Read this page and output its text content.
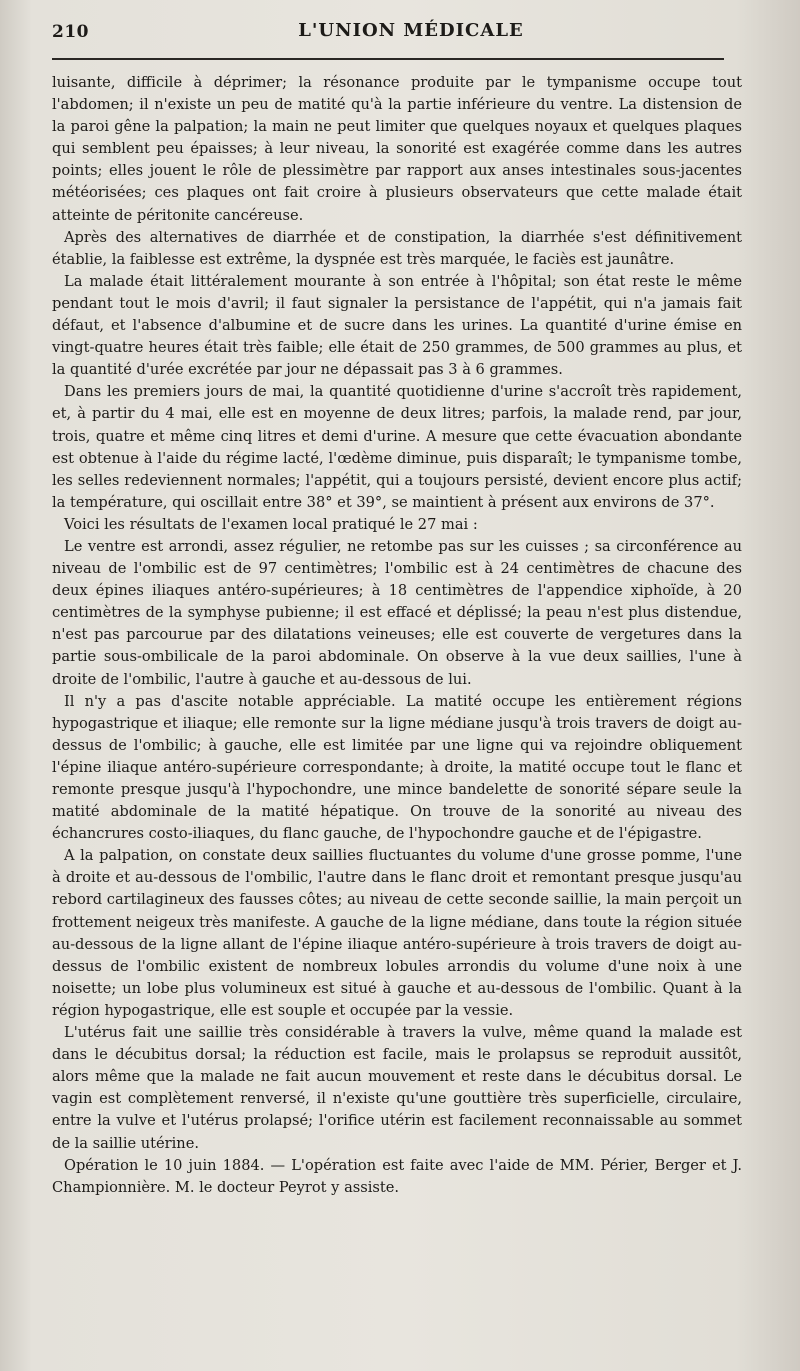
210	L'UNION MÉDICALE

luisante, difficile à déprimer; la résonance produite par le tympanisme occupe tout l'abdomen; il n'existe un peu de matité qu'à la partie inférieure du ventre. La distension de la paroi gêne la palpation; la main ne peut limiter que quelques noyaux et quelques plaques qui semblent peu épaisses; à leur niveau, la sonorité est exagérée comme dans les autres points; elles jouent le rôle de plessimètre par rapport aux anses intestinales sous-jacentes météorisées; ces plaques ont fait croire à plusieurs observateurs que cette malade était atteinte de péritonite cancéreuse.

Après des alternatives de diarrhée et de constipation, la diarrhée s'est définitivement établie, la faiblesse est extrême, la dyspnée est très marquée, le faciès est jaunâtre.

La malade était littéralement mourante à son entrée à l'hôpital; son état reste le même pendant tout le mois d'avril; il faut signaler la persistance de l'appétit, qui n'a jamais fait défaut, et l'absence d'albumine et de sucre dans les urines. La quantité d'urine émise en vingt-quatre heures était très faible; elle était de 250 grammes, de 500 grammes au plus, et la quantité d'urée excrétée par jour ne dépassait pas 3 à 6 grammes.

Dans les premiers jours de mai, la quantité quotidienne d'urine s'accroît très rapidement, et, à partir du 4 mai, elle est en moyenne de deux litres; parfois, la malade rend, par jour, trois, quatre et même cinq litres et demi d'urine. A mesure que cette évacuation abondante est obtenue à l'aide du régime lacté, l'œdème diminue, puis disparaît; le tympanisme tombe, les selles redeviennent normales; l'appétit, qui a toujours persisté, devient encore plus actif; la température, qui oscillait entre 38° et 39°, se maintient à présent aux environs de 37°.

Voici les résultats de l'examen local pratiqué le 27 mai :

Le ventre est arrondi, assez régulier, ne retombe pas sur les cuisses ; sa circonférence au niveau de l'ombilic est de 97 centimètres; l'ombilic est à 24 centimètres de chacune des deux épines iliaques antéro-supérieures; à 18 centimètres de l'appendice xiphoïde, à 20 centimètres de la symphyse pubienne; il est effacé et déplissé; la peau n'est plus distendue, n'est pas parcourue par des dilatations veineuses; elle est couverte de vergetures dans la partie sous-ombilicale de la paroi abdominale. On observe à la vue deux saillies, l'une à droite de l'ombilic, l'autre à gauche et au-dessous de lui.

Il n'y a pas d'ascite notable appréciable. La matité occupe les entièrement régions hypogastrique et iliaque; elle remonte sur la ligne médiane jusqu'à trois travers de doigt au-dessus de l'ombilic; à gauche, elle est limitée par une ligne qui va rejoindre obliquement l'épine iliaque antéro-supérieure correspondante; à droite, la matité occupe tout le flanc et remonte presque jusqu'à l'hypochondre, une mince bandelette de sonorité sépare seule la matité abdominale de la matité hépatique. On trouve de la sonorité au niveau des échancrures costo-iliaques, du flanc gauche, de l'hypochondre gauche et de l'épigastre.

A la palpation, on constate deux saillies fluctuantes du volume d'une grosse pomme, l'une à droite et au-dessous de l'ombilic, l'autre dans le flanc droit et remontant presque jusqu'au rebord cartilagineux des fausses côtes; au niveau de cette seconde saillie, la main perçoit un frottement neigeux très manifeste. A gauche de la ligne médiane, dans toute la région située au-dessous de la ligne allant de l'épine iliaque antéro-supérieure à trois travers de doigt au-dessus de l'ombilic existent de nombreux lobules arrondis du volume d'une noix à une noisette; un lobe plus volumineux est situé à gauche et au-dessous de l'ombilic. Quant à la région hypogastrique, elle est souple et occupée par la vessie.

L'utérus fait une saillie très considérable à travers la vulve, même quand la malade est dans le décubitus dorsal; la réduction est facile, mais le prolapsus se reproduit aussitôt, alors même que la malade ne fait aucun mouvement et reste dans le décubitus dorsal. Le vagin est complètement renversé, il n'existe qu'une gouttière très superficielle, circulaire, entre la vulve et l'utérus prolapsé; l'orifice utérin est facilement reconnaissable au sommet de la saillie utérine.

Opération le 10 juin 1884. — L'opération est faite avec l'aide de MM. Périer, Berger et J. Championnière. M. le docteur Peyrot y assiste.
